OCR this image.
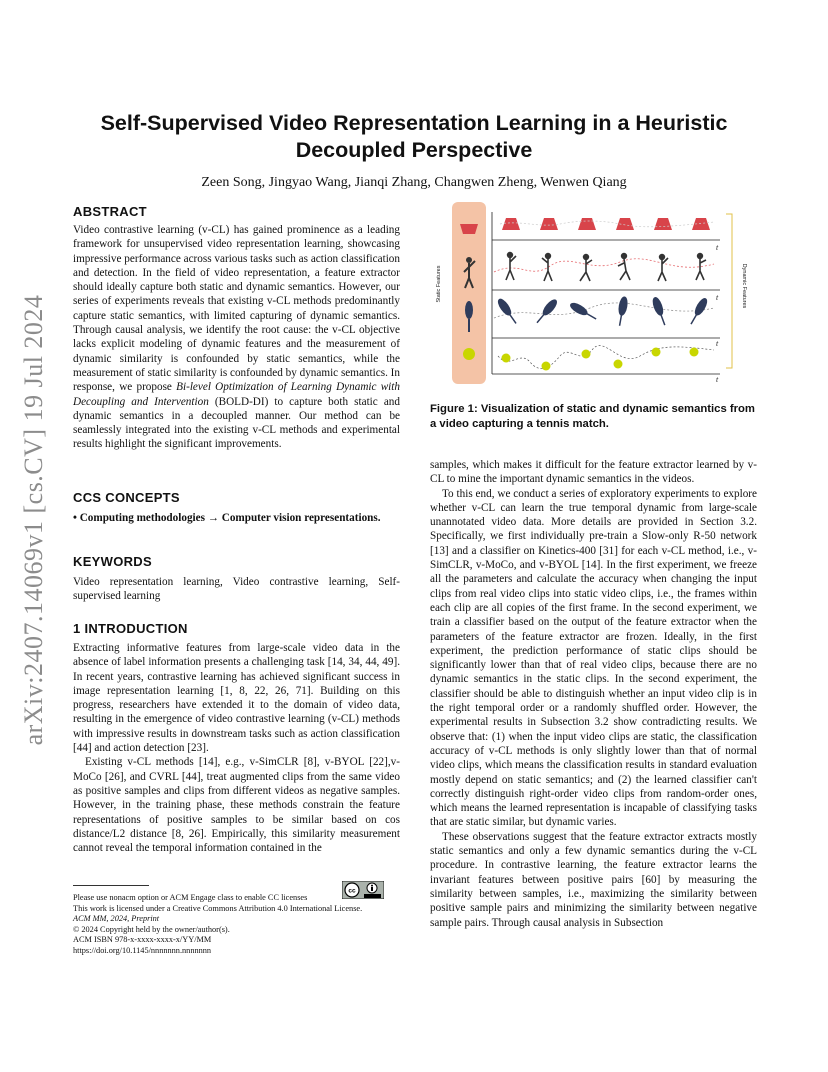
arXiv:2407.14069v1 [cs.CV] 19 Jul 2024
Self-Supervised Video Representation Learning in a Heuristic Decoupled Perspective
Zeen Song, Jingyao Wang, Jianqi Zhang, Changwen Zheng, Wenwen Qiang
ABSTRACT

Video contrastive learning (v-CL) has gained prominence as a leading framework for unsupervised video representation learning, showcasing impressive performance across various tasks such as action classification and detection. In the field of video representation, a feature extractor should ideally capture both static and dynamic semantics. However, our series of experiments reveals that existing v-CL methods predominantly capture static semantics, with limited capturing of dynamic semantics. Through causal analysis, we identify the root cause: the v-CL objective lacks explicit modeling of dynamic features and the measurement of dynamic similarity is confounded by static semantics, while the measurement of static similarity is confounded by dynamic semantics. In response, we propose Bi-level Optimization of Learning Dynamic with Decoupling and Intervention (BOLD-DI) to capture both static and dynamic semantics in a decoupled manner. Our method can be seamlessly integrated into the existing v-CL methods and experimental results highlight the significant improvements.

CCS CONCEPTS

• Computing methodologies → Computer vision representations.

KEYWORDS

Video representation learning, Video contrastive learning, Self-supervised learning

1 INTRODUCTION

Extracting informative features from large-scale video data in the absence of label information presents a challenging task [14, 34, 44, 49]. In recent years, contrastive learning has achieved significant success in image representation learning [1, 8, 22, 26, 71]. Building on this progress, researchers have extended it to the domain of video data, resulting in the emergence of video contrastive learning (v-CL) methods with impressive results in downstream tasks such as action classification [44] and action detection [23].

Existing v-CL methods [14], e.g., v-SimCLR [8], v-BYOL [22],v-MoCo [26], and CVRL [44], treat augmented clips from the same video as positive samples and clips from different videos as negative samples. However, in the training phase, these methods constrain the feature representations of positive samples to be similar based on cos distance/L2 distance [8, 26]. Empirically, this similarity measurement cannot reveal the temporal information contained in the

Static Features	Dynamic Features
t
t
t
t
Figure 1: Visualization of static and dynamic semantics from a video capturing a tennis match.

samples, which makes it difficult for the feature extractor learned by v-CL to mine the important dynamic semantics in the videos.

To this end, we conduct a series of exploratory experiments to explore whether v-CL can learn the true temporal dynamic from large-scale unannotated video data. More details are provided in Section 3.2. Specifically, we first individually pre-train a Slow-only R-50 network [13] and a classifier on Kinetics-400 [31] for each v-CL method, i.e., v-SimCLR, v-MoCo, and v-BYOL [14]. In the first experiment, we freeze all the parameters and calculate the accuracy when changing the input clips from real video clips into static video clips, i.e., the frames within each clip are all copies of the first frame. In the second experiment, we train a classifier based on the output of the feature extractor when the parameters of the feature extractor are frozen. Ideally, in the first experiment, the prediction performance of static clips should be significantly lower than that of real video clips, because there are no dynamic semantics in the static clips. In the second experiment, the classifier should be able to distinguish whether an input video clip is in the right temporal order or a randomly shuffled order. However, the experimental results in Subsection 3.2 show contradicting results. We observe that: (1) when the input video clips are static, the classification accuracy of v-CL methods is only slightly lower than that of normal video clips, which means the classification results in standard evaluation mostly depend on static semantics; and (2) the learned classifier can't correctly distinguish right-order video clips from random-order ones, which means the learned representation is incapable of classifying tasks that are static similar, but dynamic varies.

These observations suggest that the feature extractor extracts mostly static semantics and only a few dynamic semantics during the v-CL procedure. In contrastive learning, the feature extractor learns the invariant features between positive pairs [60] by measuring the similarity between samples, i.e., maximizing the similarity between positive sample pairs and minimizing the similarity between negative sample pairs. Through causal analysis in Subsection

cc
Please use nonacm option or ACM Engage class to enable CC licenses
This work is licensed under a Creative Commons Attribution 4.0 International License.
ACM MM, 2024, Preprint
© 2024 Copyright held by the owner/author(s).
ACM ISBN 978-x-xxxx-xxxx-x/YY/MM
https://doi.org/10.1145/nnnnnnn.nnnnnnn
